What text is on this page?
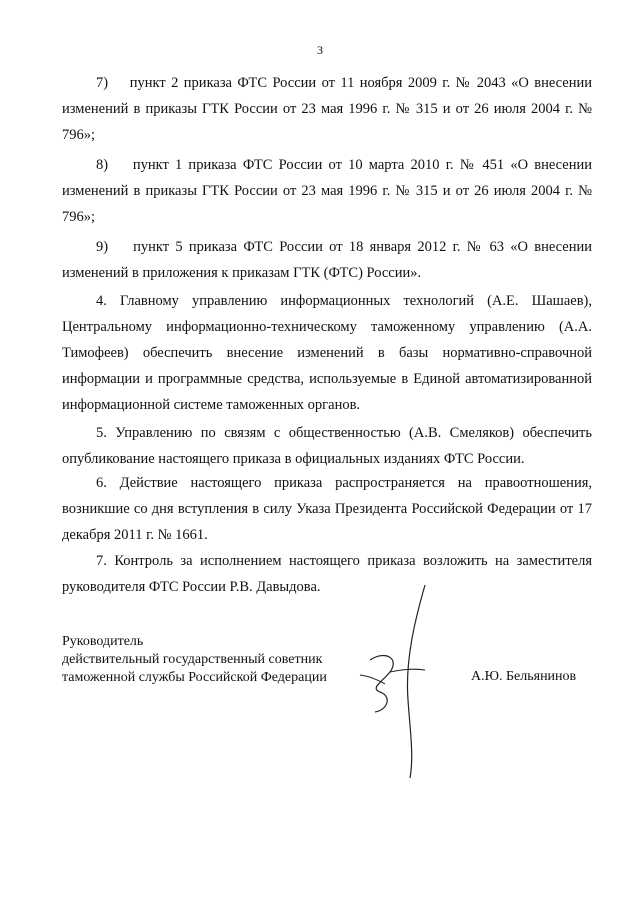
3

7)    пункт 2 приказа ФТС России от 11 ноября 2009 г. № 2043 «О внесении изменений в приказы ГТК России от 23 мая 1996 г. № 315 и от 26 июля 2004 г. № 796»;

8)    пункт 1 приказа ФТС России от 10 марта 2010 г. № 451 «О внесении изменений в приказы ГТК России от 23 мая 1996 г. № 315 и от 26 июля 2004 г. № 796»;

9)    пункт 5 приказа ФТС России от 18 января 2012 г. № 63 «О внесении изменений в приложения к приказам ГТК (ФТС) России».

4. Главному управлению информационных технологий (А.Е. Шашаев), Центральному информационно-техническому таможенному управлению (А.А. Тимофеев) обеспечить внесение изменений в базы нормативно-справочной информации и программные средства, используемые в Единой автоматизированной информационной системе таможенных органов.

5. Управлению по связям с общественностью (А.В. Смеляков) обеспечить опубликование настоящего приказа в официальных изданиях ФТС России.

6. Действие настоящего приказа распространяется на правоотношения, возникшие со дня вступления в силу Указа Президента Российской Федерации от 17 декабря 2011 г. № 1661.

7. Контроль за исполнением настоящего приказа возложить на заместителя руководителя ФТС России Р.В. Давыдова.

Руководитель
действительный государственный советник
таможенной службы Российской Федерации	А.Ю. Бельянинов
